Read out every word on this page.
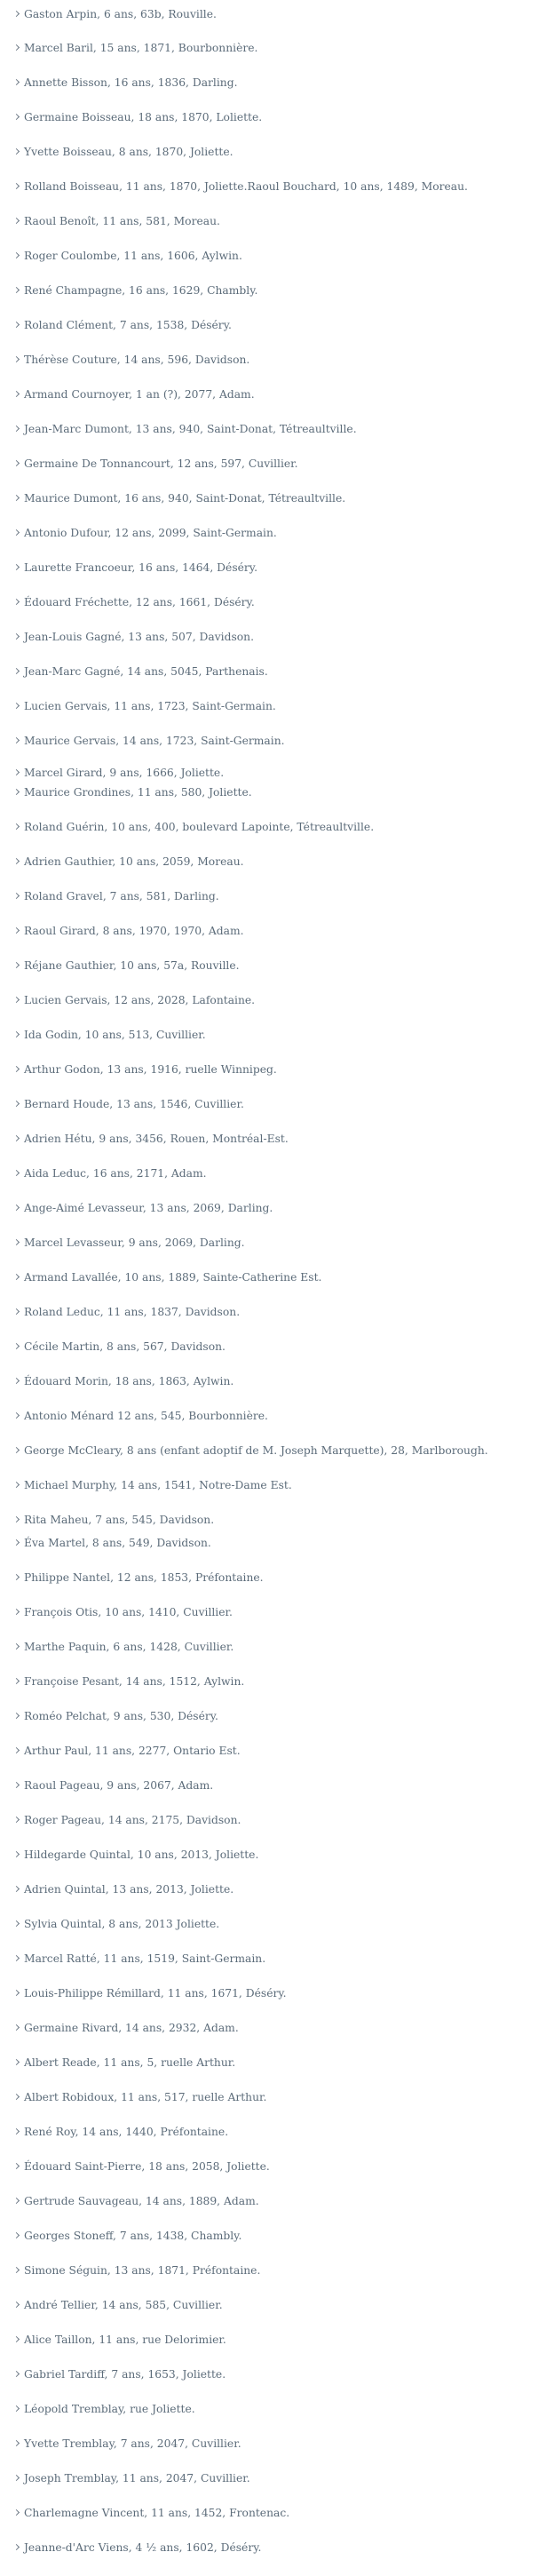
Gaston Arpin, 6 ans, 63b, Rouville.
Marcel Baril, 15 ans, 1871, Bourbonnière.
Annette Bisson, 16 ans, 1836, Darling.
Germaine Boisseau, 18 ans, 1870, Loliette.
Yvette Boisseau, 8 ans, 1870, Joliette.
Rolland Boisseau, 11 ans, 1870, Joliette.Raoul Bouchard, 10 ans, 1489, Moreau.
Raoul Benoît, 11 ans, 581, Moreau.
Roger Coulombe, 11 ans, 1606, Aylwin.
René Champagne, 16 ans, 1629, Chambly.
Roland Clément, 7 ans, 1538, Déséry.
Thérèse Couture, 14 ans, 596, Davidson.
Armand Cournoyer, 1 an (?), 2077, Adam.
Jean-Marc Dumont, 13 ans, 940, Saint-Donat, Tétreaultville.
Germaine De Tonnancourt, 12 ans, 597, Cuvillier.
Maurice Dumont, 16 ans, 940, Saint-Donat, Tétreaultville.
Antonio Dufour, 12 ans, 2099, Saint-Germain.
Laurette Francoeur, 16 ans, 1464, Déséry.
Édouard Fréchette, 12 ans, 1661, Déséry.
Jean-Louis Gagné, 13 ans, 507, Davidson.
Jean-Marc Gagné, 14 ans, 5045, Parthenais.
Lucien Gervais, 11 ans, 1723, Saint-Germain.
Maurice Gervais, 14 ans, 1723, Saint-Germain.
Marcel Girard, 9 ans, 1666, Joliette.
Maurice Grondines, 11 ans, 580, Joliette.
Roland Guérin, 10 ans, 400, boulevard Lapointe, Tétreaultville.
Adrien Gauthier, 10 ans, 2059, Moreau.
Roland Gravel, 7 ans, 581, Darling.
Raoul Girard, 8 ans, 1970, 1970, Adam.
Réjane Gauthier, 10 ans, 57a, Rouville.
Lucien Gervais, 12 ans, 2028, Lafontaine.
Ida Godin, 10 ans, 513, Cuvillier.
Arthur Godon, 13 ans, 1916, ruelle Winnipeg.
Bernard Houde, 13 ans, 1546, Cuvillier.
Adrien Hétu, 9 ans, 3456, Rouen, Montréal-Est.
Aida Leduc, 16 ans, 2171, Adam.
Ange-Aimé Levasseur, 13 ans, 2069, Darling.
Marcel Levasseur, 9 ans, 2069, Darling.
Armand Lavallée, 10 ans, 1889, Sainte-Catherine Est.
Roland Leduc, 11 ans, 1837, Davidson.
Cécile Martin, 8 ans, 567, Davidson.
Édouard Morin, 18 ans, 1863, Aylwin.
Antonio Ménard 12 ans, 545, Bourbonnière.
George McCleary, 8 ans (enfant adoptif de M. Joseph Marquette), 28, Marlborough.
Michael Murphy, 14 ans, 1541, Notre-Dame Est.
Rita Maheu, 7 ans, 545, Davidson.
Éva Martel, 8 ans, 549, Davidson.
Philippe Nantel, 12 ans, 1853, Préfontaine.
François Otis, 10 ans, 1410, Cuvillier.
Marthe Paquin, 6 ans, 1428, Cuvillier.
Françoise Pesant, 14 ans, 1512, Aylwin.
Roméo Pelchat, 9 ans, 530, Déséry.
Arthur Paul, 11 ans, 2277, Ontario Est.
Raoul Pageau, 9 ans, 2067, Adam.
Roger Pageau, 14 ans, 2175, Davidson.
Hildegarde Quintal, 10 ans, 2013, Joliette.
Adrien Quintal, 13 ans, 2013, Joliette.
Sylvia Quintal, 8 ans, 2013 Joliette.
Marcel Ratté, 11 ans, 1519, Saint-Germain.
Louis-Philippe Rémillard, 11 ans, 1671, Déséry.
Germaine Rivard, 14 ans, 2932, Adam.
Albert Reade, 11 ans, 5, ruelle Arthur.
Albert Robidoux, 11 ans, 517, ruelle Arthur.
René Roy, 14 ans, 1440, Préfontaine.
Édouard Saint-Pierre, 18 ans, 2058, Joliette.
Gertrude Sauvageau, 14 ans, 1889, Adam.
Georges Stoneff, 7 ans, 1438, Chambly.
Simone Séguin, 13 ans, 1871, Préfontaine.
André Tellier, 14 ans, 585, Cuvillier.
Alice Taillon, 11 ans, rue Delorimier.
Gabriel Tardiff, 7 ans, 1653, Joliette.
Léopold Tremblay, rue Joliette.
Yvette Tremblay, 7 ans, 2047, Cuvillier.
Joseph Tremblay, 11 ans, 2047, Cuvillier.
Charlemagne Vincent, 11 ans, 1452, Frontenac.
Jeanne-d'Arc Viens, 4 ½ ans, 1602, Déséry.
